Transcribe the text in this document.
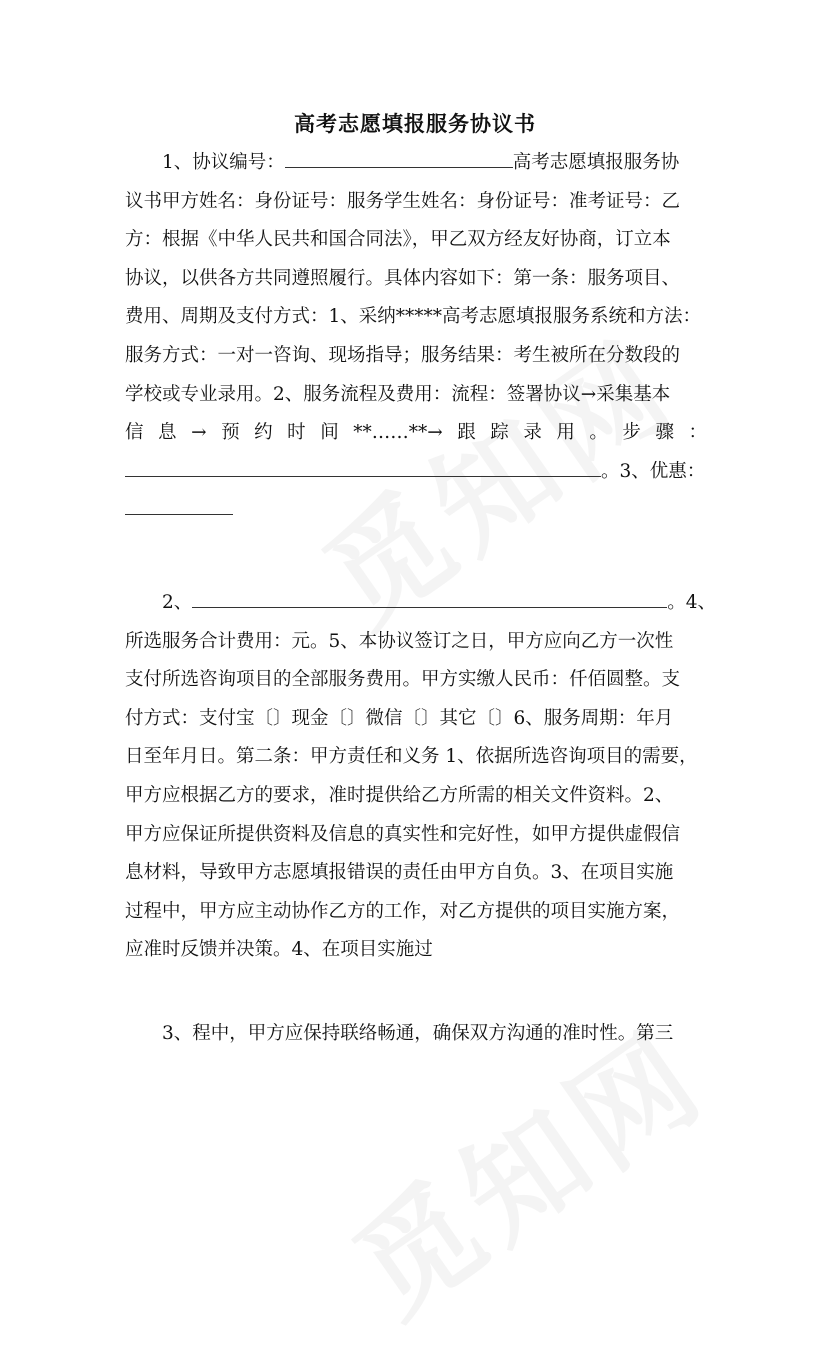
高考志愿填报服务协议书
1、协议编号：	高考志愿填报服务协
议书甲方姓名：身份证号：服务学生姓名：身份证号：准考证号：乙
方：根据《中华人民共和国合同法》，甲乙双方经友好协商，订立本
协议，以供各方共同遵照履行。具体内容如下：第一条：服务项目、
费用、周期及支付方式：1、采纳*****高考志愿填报服务系统和方法：
服务方式：一对一咨询、现场指导；服务结果：考生被所在分数段的
学校或专业录用。2、服务流程及费用：流程：签署协议→采集基本
信 息 → 预 约 时 间 **……**→ 跟 踪 录 用 。 步 骤 ：
。3、优惠：
2、	。4、
所选服务合计费用：元。5、本协议签订之日，甲方应向乙方一次性
支付所选咨询项目的全部服务费用。甲方实缴人民币：仟佰圆整。支
付方式：支付宝〔〕现金〔〕微信〔〕其它〔〕6、服务周期：年月
日至年月日。第二条：甲方责任和义务 1、依据所选咨询项目的需要，
甲方应根据乙方的要求，准时提供给乙方所需的相关文件资料。2、
甲方应保证所提供资料及信息的真实性和完好性，如甲方提供虚假信
息材料，导致甲方志愿填报错误的责任由甲方自负。3、在项目实施
过程中，甲方应主动协作乙方的工作，对乙方提供的项目实施方案，
应准时反馈并决策。4、在项目实施过
3、程中，甲方应保持联络畅通，确保双方沟通的准时性。第三
